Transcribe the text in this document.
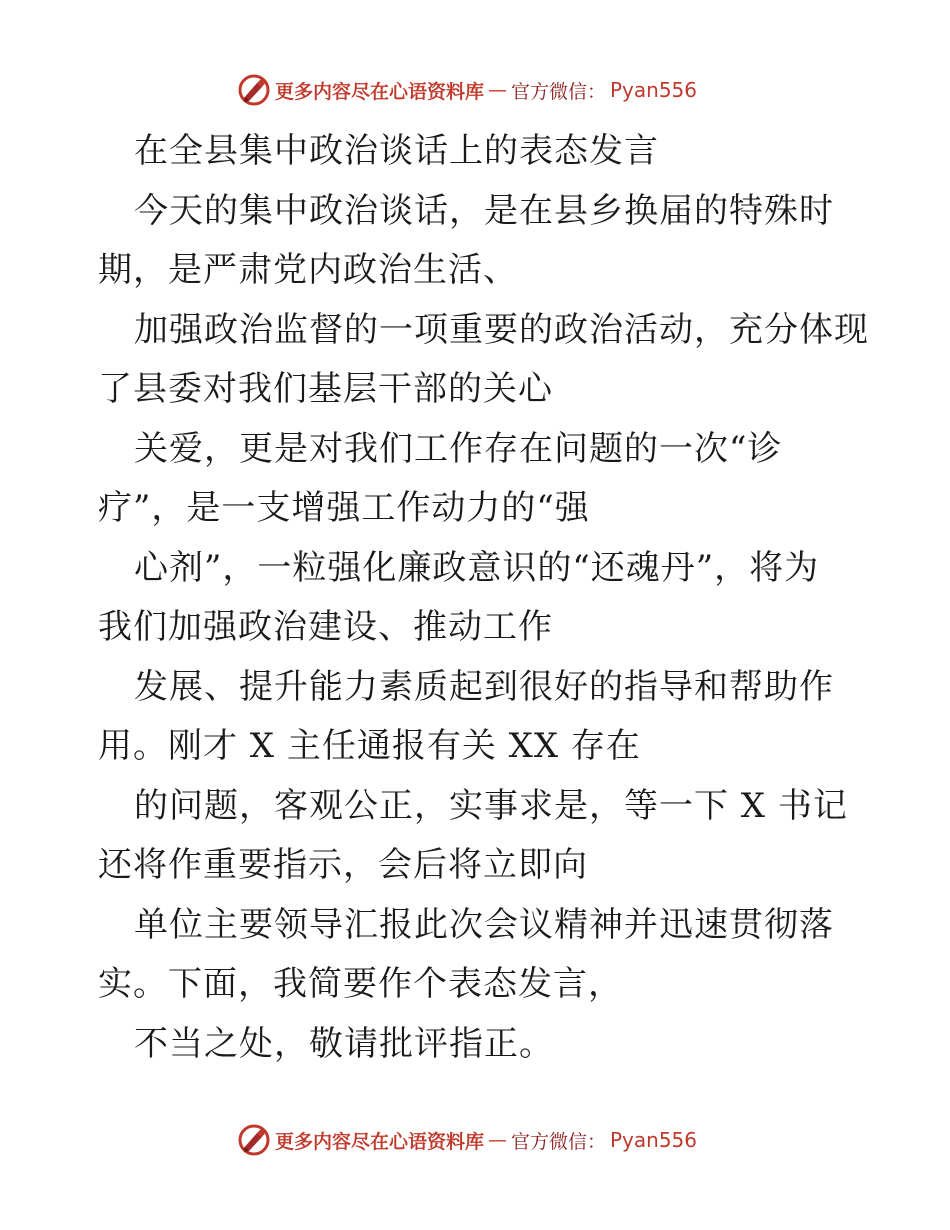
更多内容尽在心语资料库 — 官方微信： Pyan556
在全县集中政治谈话上的表态发言
今天的集中政治谈话，是在县乡换届的特殊时
期，是严肃党内政治生活、
加强政治监督的一项重要的政治活动，充分体现
了县委对我们基层干部的关心
关爱，更是对我们工作存在问题的一次“诊
疗”，是一支增强工作动力的“强
心剂”，一粒强化廉政意识的“还魂丹”，将为
我们加强政治建设、推动工作
发展、提升能力素质起到很好的指导和帮助作
用。刚才 X 主任通报有关 XX 存在
的问题，客观公正，实事求是，等一下 X 书记
还将作重要指示，会后将立即向
单位主要领导汇报此次会议精神并迅速贯彻落
实。下面，我简要作个表态发言，
不当之处，敬请批评指正。
更多内容尽在心语资料库 — 官方微信： Pyan556
